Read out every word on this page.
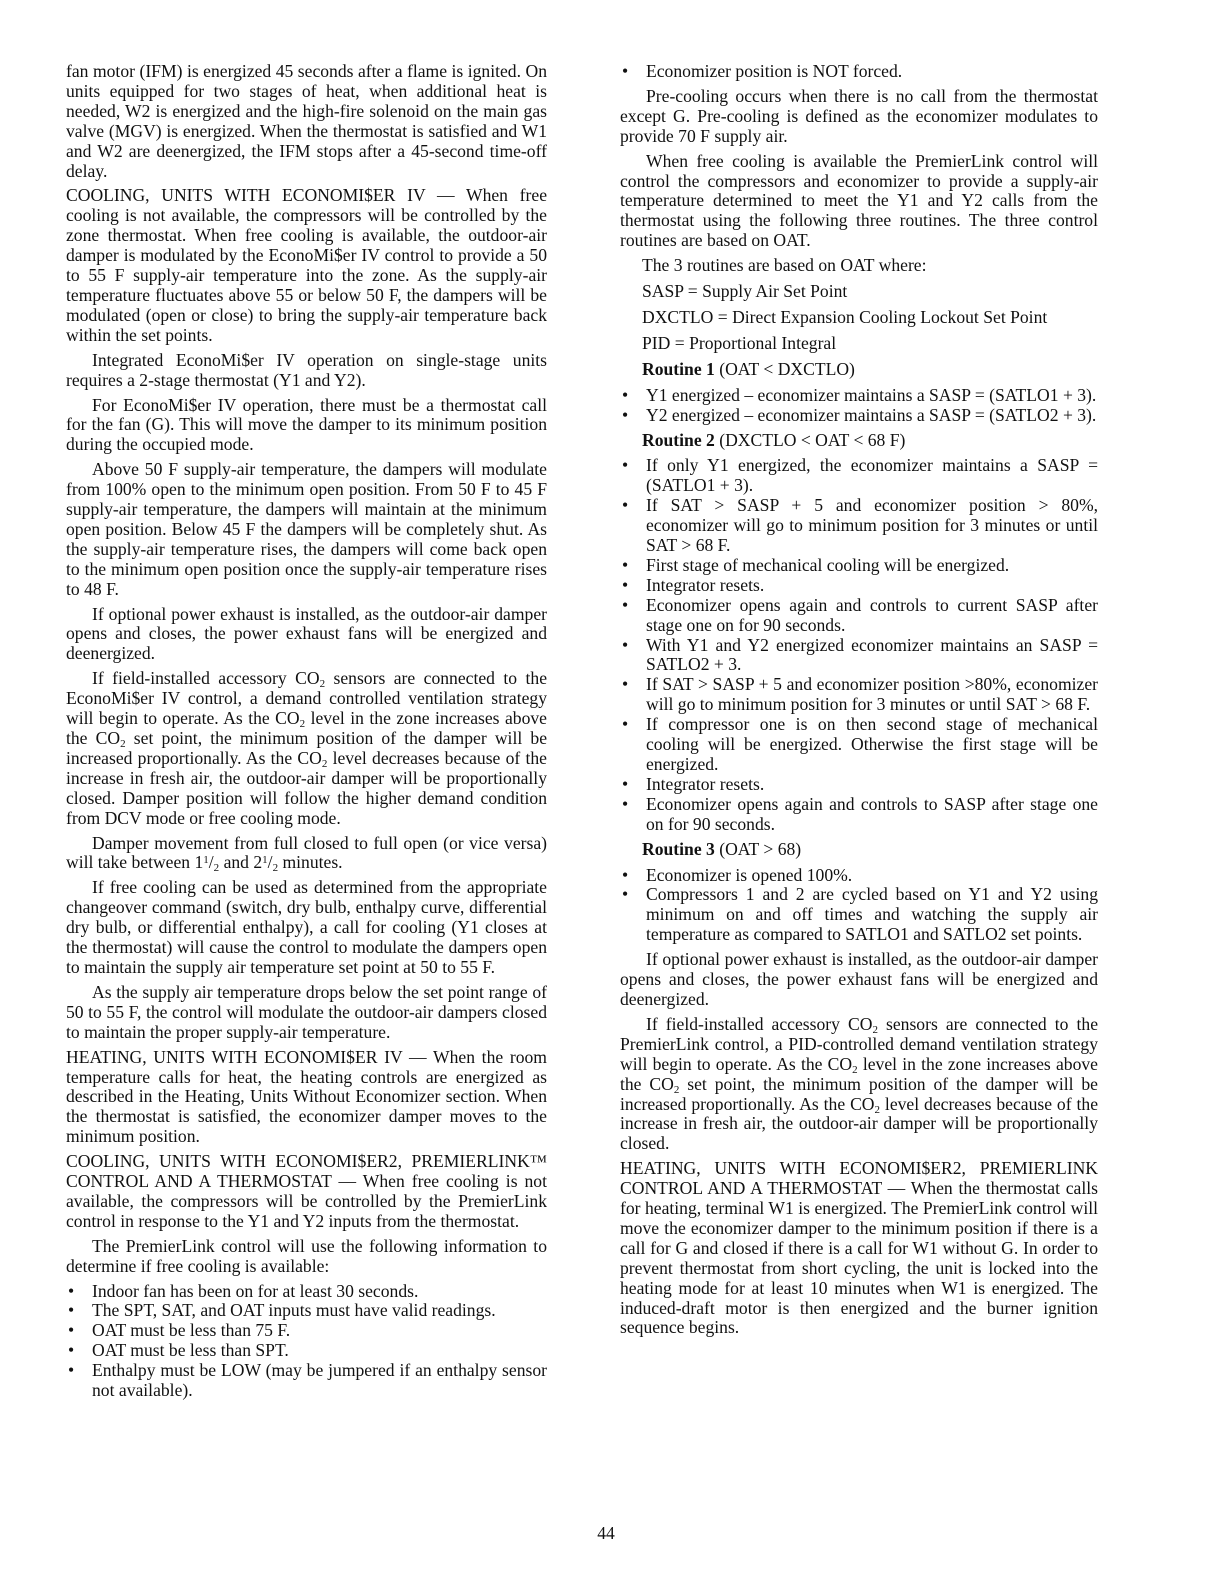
fan motor (IFM) is energized 45 seconds after a flame is ignited. On units equipped for two stages of heat, when additional heat is needed, W2 is energized and the high-fire solenoid on the main gas valve (MGV) is energized. When the thermostat is satisfied and W1 and W2 are deenergized, the IFM stops after a 45-second time-off delay.

COOLING, UNITS WITH ECONOMI$ER IV — When free cooling is not available, the compressors will be controlled by the zone thermostat. When free cooling is available, the outdoor-air damper is modulated by the EconoMi$er IV control to provide a 50 to 55 F supply-air temperature into the zone. As the supply-air temperature fluctuates above 55 or below 50 F, the dampers will be modulated (open or close) to bring the supply-air temperature back within the set points.

Integrated EconoMi$er IV operation on single-stage units requires a 2-stage thermostat (Y1 and Y2).

For EconoMi$er IV operation, there must be a thermostat call for the fan (G). This will move the damper to its minimum position during the occupied mode.

Above 50 F supply-air temperature, the dampers will modulate from 100% open to the minimum open position. From 50 F to 45 F supply-air temperature, the dampers will maintain at the minimum open position. Below 45 F the dampers will be completely shut. As the supply-air temperature rises, the dampers will come back open to the minimum open position once the supply-air temperature rises to 48 F.

If optional power exhaust is installed, as the outdoor-air damper opens and closes, the power exhaust fans will be energized and deenergized.

If field-installed accessory $CO_2$ sensors are connected to the EconoMi$er IV control, a demand controlled ventilation strategy will begin to operate. As the $CO_2$ level in the zone increases above the $CO_2$ set point, the minimum position of the damper will be increased proportionally. As the $CO_2$ level decreases because of the increase in fresh air, the outdoor-air damper will be proportionally closed. Damper position will follow the higher demand condition from DCV mode or free cooling mode.

Damper movement from full closed to full open (or vice versa) will take between $1^1/_2$ and $2^1/_2$ minutes.

If free cooling can be used as determined from the appropriate changeover command (switch, dry bulb, enthalpy curve, differential dry bulb, or differential enthalpy), a call for cooling (Y1 closes at the thermostat) will cause the control to modulate the dampers open to maintain the supply air temperature set point at 50 to 55 F.

As the supply air temperature drops below the set point range of 50 to 55 F, the control will modulate the outdoor-air dampers closed to maintain the proper supply-air temperature.

HEATING, UNITS WITH ECONOMI$ER IV — When the room temperature calls for heat, the heating controls are energized as described in the Heating, Units Without Economizer section. When the thermostat is satisfied, the economizer damper moves to the minimum position.

COOLING, UNITS WITH ECONOMI$ER2, PREMIERLINK™ CONTROL AND A THERMOSTAT — When free cooling is not available, the compressors will be controlled by the PremierLink control in response to the Y1 and Y2 inputs from the thermostat.

The PremierLink control will use the following information to determine if free cooling is available:

• Indoor fan has been on for at least 30 seconds.
• The SPT, SAT, and OAT inputs must have valid readings.
• OAT must be less than 75 F.
• OAT must be less than SPT.
• Enthalpy must be LOW (may be jumpered if an enthalpy sensor not available).
• Economizer position is NOT forced.

Pre-cooling occurs when there is no call from the thermostat except G. Pre-cooling is defined as the economizer modulates to provide 70 F supply air.

When free cooling is available the PremierLink control will control the compressors and economizer to provide a supply-air temperature determined to meet the Y1 and Y2 calls from the thermostat using the following three routines. The three control routines are based on OAT.

The 3 routines are based on OAT where:

SASP = Supply Air Set Point

DXCTLO = Direct Expansion Cooling Lockout Set Point

PID = Proportional Integral

Routine 1 (OAT < DXCTLO)

• Y1 energized – economizer maintains a SASP = (SATLO1 + 3).
• Y2 energized – economizer maintains a SASP = (SATLO2 + 3).

Routine 2 (DXCTLO < OAT < 68 F)

• If only Y1 energized, the economizer maintains a SASP = (SATLO1 + 3).
• If SAT > SASP + 5 and economizer position > 80%, economizer will go to minimum position for 3 minutes or until SAT > 68 F.
• First stage of mechanical cooling will be energized.
• Integrator resets.
• Economizer opens again and controls to current SASP after stage one on for 90 seconds.
• With Y1 and Y2 energized economizer maintains an SASP = SATLO2 + 3.
• If SAT > SASP + 5 and economizer position >80%, economizer will go to minimum position for 3 minutes or until SAT > 68 F.
• If compressor one is on then second stage of mechanical cooling will be energized. Otherwise the first stage will be energized.
• Integrator resets.
• Economizer opens again and controls to SASP after stage one on for 90 seconds.

Routine 3 (OAT > 68)

• Economizer is opened 100%.
• Compressors 1 and 2 are cycled based on Y1 and Y2 using minimum on and off times and watching the supply air temperature as compared to SATLO1 and SATLO2 set points.

If optional power exhaust is installed, as the outdoor-air damper opens and closes, the power exhaust fans will be energized and deenergized.

If field-installed accessory $CO_2$ sensors are connected to the PremierLink control, a PID-controlled demand ventilation strategy will begin to operate. As the $CO_2$ level in the zone increases above the $CO_2$ set point, the minimum position of the damper will be increased proportionally. As the $CO_2$ level decreases because of the increase in fresh air, the outdoor-air damper will be proportionally closed.

HEATING, UNITS WITH ECONOMI$ER2, PREMIERLINK CONTROL AND A THERMOSTAT — When the thermostat calls for heating, terminal W1 is energized. The PremierLink control will move the economizer damper to the minimum position if there is a call for G and closed if there is a call for W1 without G. In order to prevent thermostat from short cycling, the unit is locked into the heating mode for at least 10 minutes when W1 is energized. The induced-draft motor is then energized and the burner ignition sequence begins.

44
